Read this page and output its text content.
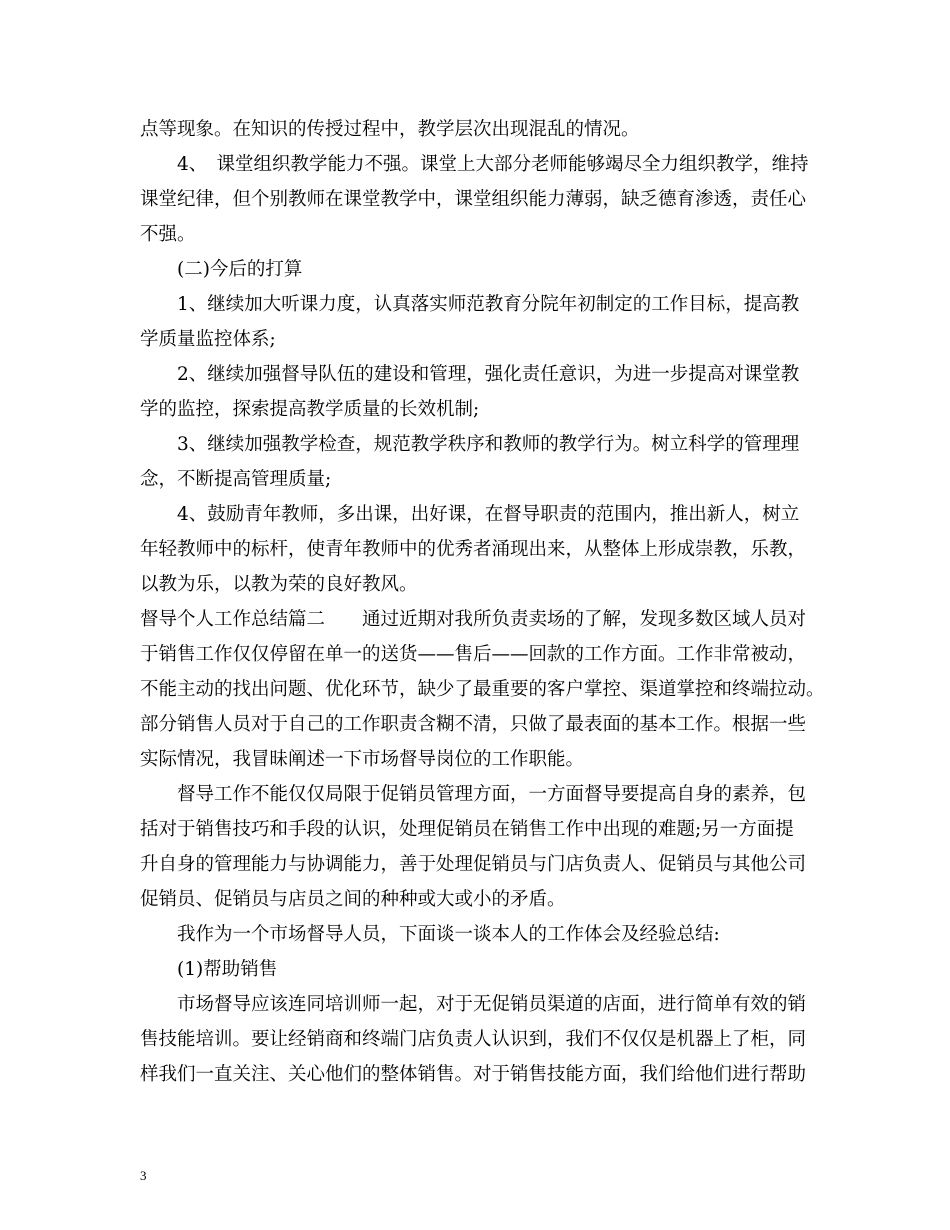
点等现象。在知识的传授过程中，教学层次出现混乱的情况。
4、　课堂组织教学能力不强。课堂上大部分老师能够竭尽全力组织教学，维持
课堂纪律，但个别教师在课堂教学中，课堂组织能力薄弱，缺乏德育渗透，责任心
不强。
(二)今后的打算
1、继续加大听课力度，认真落实师范教育分院年初制定的工作目标，提高教
学质量监控体系;
2、继续加强督导队伍的建设和管理，强化责任意识，为进一步提高对课堂教
学的监控，探索提高教学质量的长效机制;
3、继续加强教学检查，规范教学秩序和教师的教学行为。树立科学的管理理
念，不断提高管理质量;
4、鼓励青年教师，多出课，出好课，在督导职责的范围内，推出新人，树立
年轻教师中的标杆，使青年教师中的优秀者涌现出来，从整体上形成崇教，乐教，
以教为乐，以教为荣的良好教风。
督导个人工作总结篇二　　通过近期对我所负责卖场的了解，发现多数区域人员对
于销售工作仅仅停留在单一的送货——售后——回款的工作方面。工作非常被动，
不能主动的找出问题、优化环节，缺少了最重要的客户掌控、渠道掌控和终端拉动。
部分销售人员对于自己的工作职责含糊不清，只做了最表面的基本工作。根据一些
实际情况，我冒昧阐述一下市场督导岗位的工作职能。
督导工作不能仅仅局限于促销员管理方面，一方面督导要提高自身的素养，包
括对于销售技巧和手段的认识，处理促销员在销售工作中出现的难题;另一方面提
升自身的管理能力与协调能力，善于处理促销员与门店负责人、促销员与其他公司
促销员、促销员与店员之间的种种或大或小的矛盾。
我作为一个市场督导人员，下面谈一谈本人的工作体会及经验总结:
(1)帮助销售
市场督导应该连同培训师一起，对于无促销员渠道的店面，进行简单有效的销
售技能培训。要让经销商和终端门店负责人认识到，我们不仅仅是机器上了柜，同
样我们一直关注、关心他们的整体销售。对于销售技能方面，我们给他们进行帮助
3
